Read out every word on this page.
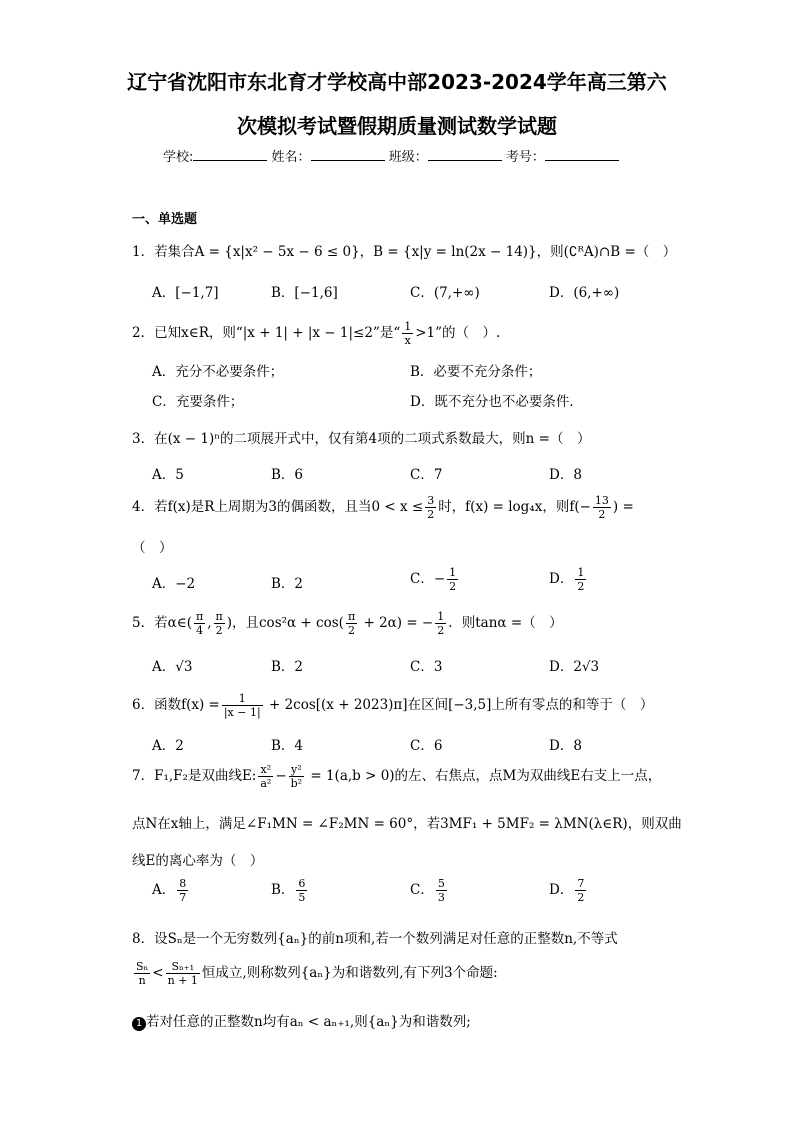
辽宁省沈阳市东北育才学校高中部2023-2024学年高三第六
次模拟考试暨假期质量测试数学试题
学校:	姓名：	班级：	考号：
一、单选题
1．若集合A = {x|x² − 5x − 6 ≤ 0}，B = {x|y = ln(2x − 14)}，则(∁ᴿA)∩B =（　）
A．[−1,7]	B．[−1,6]	C．(7,+∞)	D．(6,+∞)
2．已知x∈R，则“|x + 1| + |x − 1|≤2”是“ $\frac{1}{x} >1$”的（　）.
A．充分不必要条件；	B．必要不充分条件；
C．充要条件；	D．既不充分也不必要条件．
3．在(x − 1)ⁿ的二项展开式中，仅有第4项的二项式系数最大，则n =（　）
A．5	B．6	C．7	D．8
4．若f(x)是R上周期为3的偶函数，且当$0 < x \le \frac{3}{2}$ 时，f(x) = log₄x，则$f(- \frac{13}{2}$ ) =
（　）
A．−2	B．2	C．− $\frac{1}{2}$	D． $\frac{1}{2}$
5．若α∈( $\frac{\pi}{4}$ , $\frac{\pi}{2}$ )，且$\cos^2\alpha + \cos( \frac{\pi}{2} + 2\alpha)$ = − $\frac{1}{2}$ ．则tanα =（　）
A．√3	B．2	C．3	D．2√3
6．函数$f(x) = \frac{1}{|x - 1|} + 2\cos[(x + 2023)\pi]$在区间[−3,5]上所有零点的和等于（　）
A．2	B．4	C．6	D．8
7．F₁,F₂是双曲线E: $\frac{\text{x²}}{\text{a²}} - \frac{\text{y²}}{\text{b²}} = 1(a,b > 0)$的左、右焦点，点M为双曲线E右支上一点，
点N在x轴上，满足∠F₁MN = ∠F₂MN = 60°，若3MF₁ + 5MF₂ = λMN(λ∈R)，则双曲
线E的离心率为（　）
A． $\frac{8}{7}$	B． $\frac{6}{5}$	C． $\frac{5}{3}$	D． $\frac{7}{2}$
8．设Sₙ是一个无穷数列{aₙ}的前n项和,若一个数列满足对任意的正整数n,不等式
$\frac{\text{Sₙ}}{n} < \frac{\text{Sₙ₊₁}}{n + 1}$ 恒成立,则称数列{aₙ}为和谐数列,有下列3个命题:
1 若对任意的正整数n均有aₙ < aₙ₊₁,则{aₙ}为和谐数列;
